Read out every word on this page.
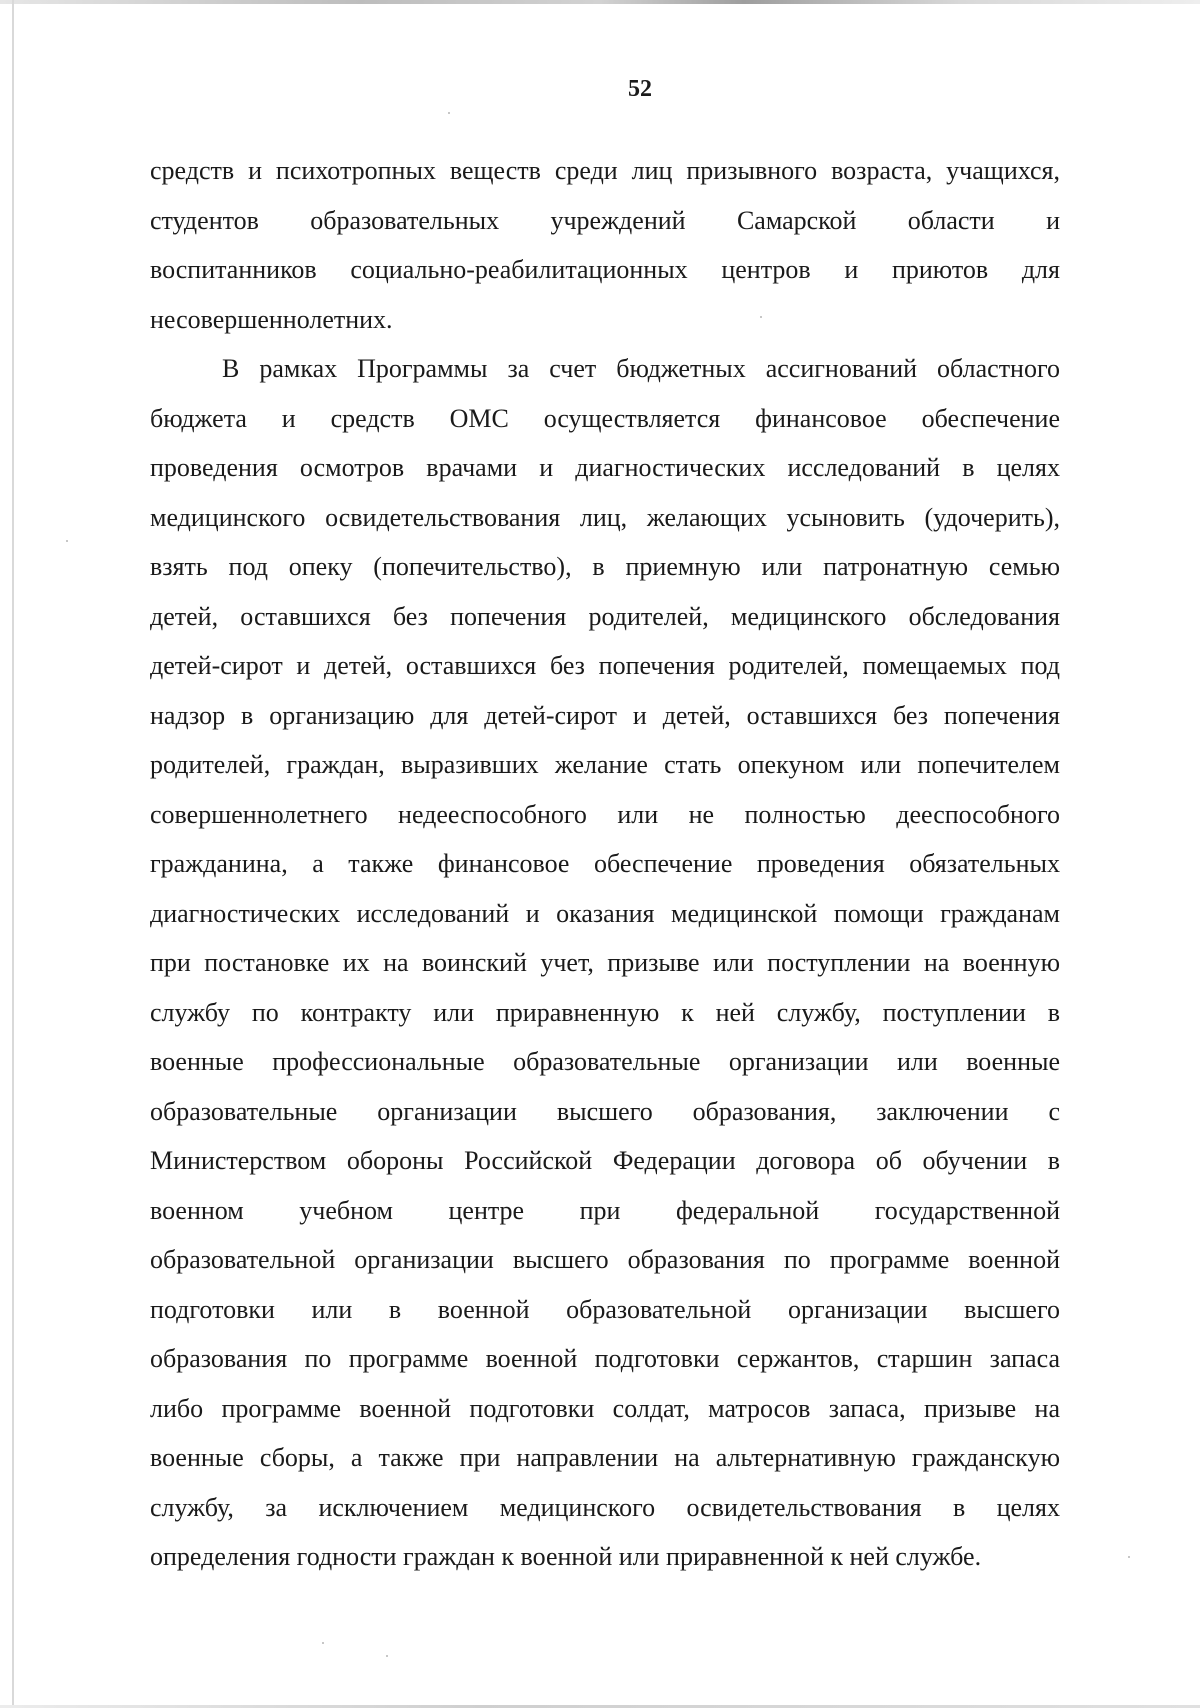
52
средств и психотропных веществ среди лиц призывного возраста, учащихся,
студентов образовательных учреждений Самарской области и
воспитанников социально-реабилитационных центров и приютов для
несовершеннолетних.
В рамках Программы за счет бюджетных ассигнований областного
бюджета и средств ОМС осуществляется финансовое обеспечение
проведения осмотров врачами и диагностических исследований в целях
медицинского освидетельствования лиц, желающих усыновить (удочерить),
взять под опеку (попечительство), в приемную или патронатную семью
детей, оставшихся без попечения родителей, медицинского обследования
детей-сирот и детей, оставшихся без попечения родителей, помещаемых под
надзор в организацию для детей-сирот и детей, оставшихся без попечения
родителей, граждан, выразивших желание стать опекуном или попечителем
совершеннолетнего недееспособного или не полностью дееспособного
гражданина, а также финансовое обеспечение проведения обязательных
диагностических исследований и оказания медицинской помощи гражданам
при постановке их на воинский учет, призыве или поступлении на военную
службу по контракту или приравненную к ней службу, поступлении в
военные профессиональные образовательные организации или военные
образовательные организации высшего образования, заключении с
Министерством обороны Российской Федерации договора об обучении в
военном учебном центре при федеральной государственной
образовательной организации высшего образования по программе военной
подготовки или в военной образовательной организации высшего
образования по программе военной подготовки сержантов, старшин запаса
либо программе военной подготовки солдат, матросов запаса, призыве на
военные сборы, а также при направлении на альтернативную гражданскую
службу, за исключением медицинского освидетельствования в целях
определения годности граждан к военной или приравненной к ней службе.
